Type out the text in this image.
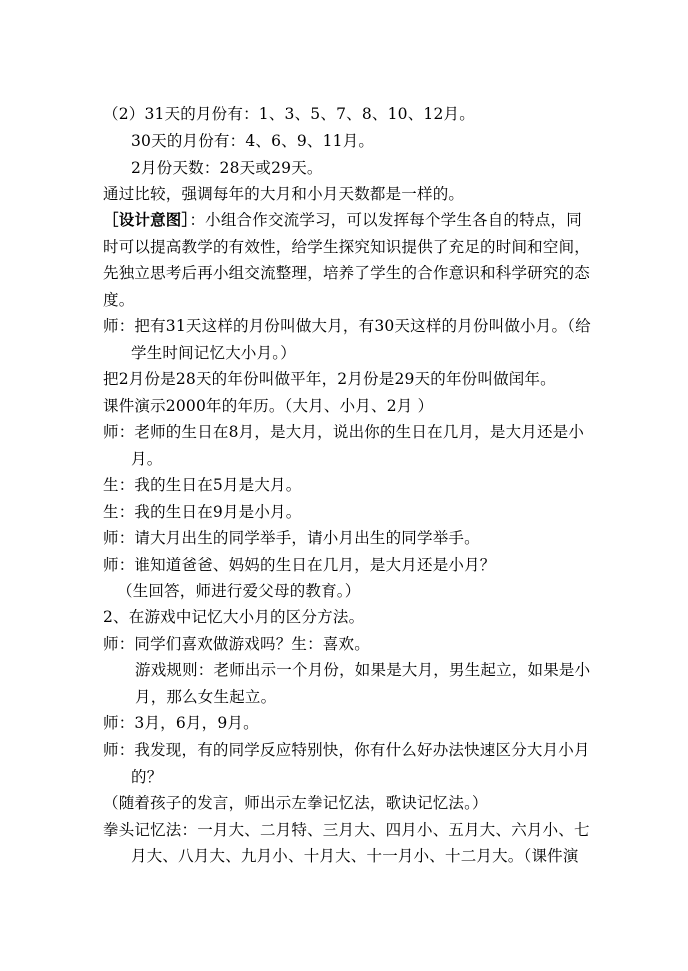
（2）31天的月份有：1、3、5、7、8、10、12月。
30天的月份有：4、6、9、11月。
2月份天数：28天或29天。
通过比较，强调每年的大月和小月天数都是一样的。
［设计意图］：小组合作交流学习，可以发挥每个学生各自的特点，同
时可以提高教学的有效性，给学生探究知识提供了充足的时间和空间，
先独立思考后再小组交流整理，培养了学生的合作意识和科学研究的态
度。
师：把有31天这样的月份叫做大月，有30天这样的月份叫做小月。（给
学生时间记忆大小月。）
把2月份是28天的年份叫做平年，2月份是29天的年份叫做闰年。
课件演示2000年的年历。（大月、小月、2月 ）
师：老师的生日在8月，是大月，说出你的生日在几月，是大月还是小
月。
生：我的生日在5月是大月。
生：我的生日在9月是小月。
师：请大月出生的同学举手，请小月出生的同学举手。
师：谁知道爸爸、妈妈的生日在几月，是大月还是小月？
（生回答，师进行爱父母的教育。）
2、在游戏中记忆大小月的区分方法。
师：同学们喜欢做游戏吗？生：喜欢。
游戏规则：老师出示一个月份，如果是大月，男生起立，如果是小
月，那么女生起立。
师：3月，6月，9月。
师：我发现，有的同学反应特别快，你有什么好办法快速区分大月小月
的？
（随着孩子的发言，师出示左拳记忆法，歌诀记忆法。）
拳头记忆法：一月大、二月特、三月大、四月小、五月大、六月小、七
月大、八月大、九月小、十月大、十一月小、十二月大。（课件演
